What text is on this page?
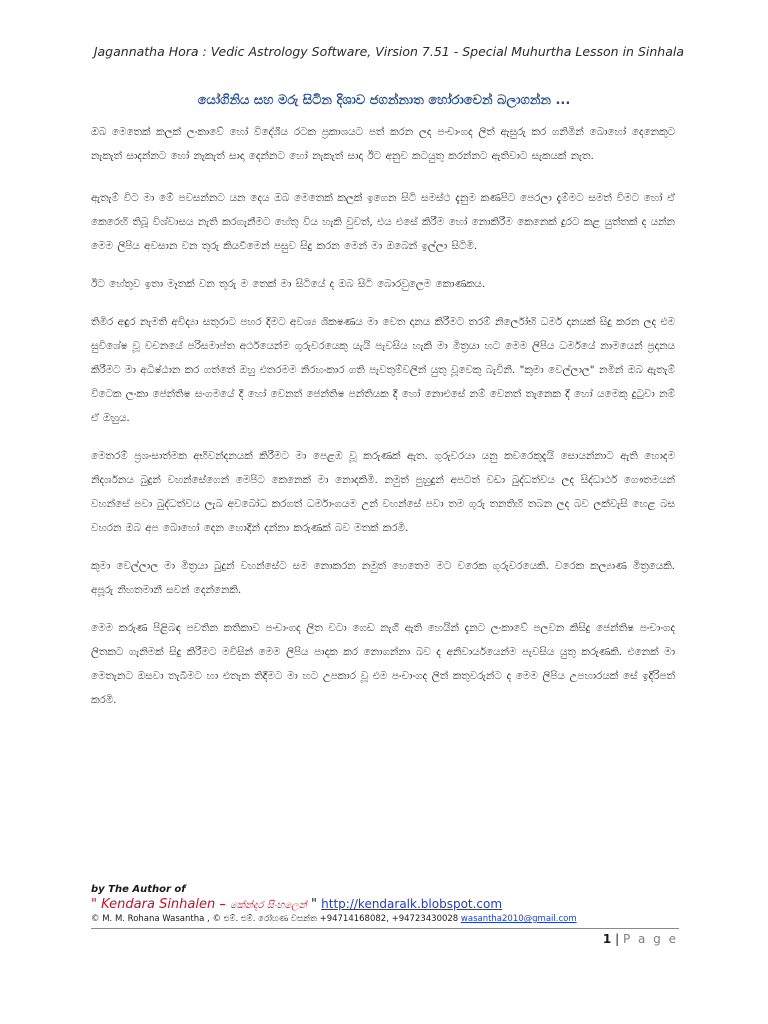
Jagannatha Hora : Vedic Astrology Software, Virsion 7.51 - Special Muhurtha Lesson in Sinhala
යෝගිනිය සහ මරු සිටින දිශාව ජගන්නාත හෝරාවෙන් බලාගන්න ...

ඔබ මෙතෙක් කලක් ලංකාවේ හෝ විදේශීය රටක ප්‍රකාශයට පත් කරන ලද පංචාංගද ලිත් ඇසුරු කර ගනිමින් බොහෝ දෙනෙකුට නැකැත් සාදන්නට හෝ නැකැත් සාදා දෙන්නට හෝ නැකැත් සාදා ඊට අනුව කටයුතු කරන්නට ඇතිවාට සැකයක් නැත.

ඇතැම් විට මා මේ පවසන්නට යන දෙය ඔබ මෙතෙක් කලක් ඉගෙන සිටි සමස්ථ දැනුම කණපිට පෙරලා දැම්මට සමත් විමට හෝ ඒ කෙරෙහි තිබූ විශ්වාසය නැති කරගැනීමට හේතු විය හැකි වුවත්, එය එසේ කිරීම හෝ නොකිරීම කෙනෙක් දුරට කළ යුත්තක් ද යන්න මෙම ලිපිය අවසාන වන තුරු කියවීමෙන් පසුව සිදු කරන මෙන් මා ඔබෙන් ඉල්ලා සිටිමි.

ඊට හේතුව ඉතා මෑතක් වන තුරු ම තෙක් මා සිටියේ ද ඔබ සිටි බොරවුලෙම කොණකය.

තිමිර අඳුර නැමති අවිද්‍යා සතුරාට පහර දිමට අවශ්‍ය ශිකෂණය මා වෙත දානය කිරීමට තරම් නිර්ලෝභි ධර්ම දානයක් සිදු කරන ලද එම සුවිශේෂ වූ වචනයේ පරිසමාප්ත අර්ථයෙන්ම ගුරුවරයෙකු යැයි පැවසිය හැකි මා මිත්‍රයා හට මෙම ලිපිය ධර්මයේ නාමයෙන් ප්‍රදානය කිරීමට මා අධිෂ්ඨාන කර ගත්තේ ඔහු එතරමම නිරහංකාර ගති පැවතුම්වලින් යුතු වූවෙකු බැවිනි. "කුමා වෙල්ලාල" නමින් ඔබ ඇතැම් විටෙක ලංකා ජෙන්තිෂ සංගමයේ දී හෝ වෙනත් ජෙන්තිෂ පන්තියක දී හෝ නොඑසේ නම් වෙනත් තැනෙක දී හෝ යමෙකු දුටුවා නම් ඒ ඔහුය.

මෙතරම් ප්‍රශංසාත්මක අභිවන්දනයක් කිරීමට මා පෙළඹ වූ කරුණක් ඇත. ගුරුවරයා යනු කවරෙකුදැයි සොයන්නාට ඇති හොදම නිදර්ශනය බුදුන් වහන්සේගෙන් මෙපිට කෙනෙක් මා නොදකිමි. නමුත් පුහුදුන් අපටත් වඩා බුද්ධත්වය ලද සිද්ධාර්ථ ගෞතමයන් වහන්සේ පවා බුද්ධත්වය ලැබ අවබෝධ කරගත් ධර්මාංගයම උන් වහන්සේ පවා තම ගුරු තනතිහි තබන ලද බව ලක්වැසි හෙළ බස වහරන ඔබ අප බොහෝ දෙන හොදින් දන්නා කරුණක් බව මතක් කරමි.

කුමා වෙල්ලාල මා මිත්‍රයා බුදුන් වහන්සේට සම නොකරන නමුත් හෙතෙම මට වරෙක ගුරුවරයෙකි. වරෙක කල්‍යාණ මිත්‍රයෙකි. අපූරු නිහතමානී සවන් දෙන්නෙකි.

මෙම කරුණ පිළිබඳ පවතින කතිකාව පංචාංගද ලිත වටා ගෙඩ නැගී ඇති හෙයින් දැනට ලංකාවේ පලවන කිසිදු ජෙන්තිෂ පංචාංගද ලිතකට ගැනිමක් සිදු කිරීමට මවිසින් මෙම ලිපිය පාදක කර නොගන්නා බව ද අනිවාර්යයෙන්ම පැවසිය යුතු කරුණකි. එනෙක් මා මෙතැනට ඔසවා තැබීමට හා එතැන තිදීමට මා හට උපකාර වූ එම පංචාංගද ලිත් කතුවරුන්ට ද මෙම ලිපිය උපහාරයක් සේ ඉදිරිපත් කරමි.

by The Author of
" Kendara Sinhalen – කේන්දර සිංහලෙන් " http://kendaralk.blobspot.com
© M. M. Rohana Wasantha , © එම්. එම්. රෝහණ වසන්ත +94714168082, +94723430028 wasantha2010@gmail.com
1 | P a g e
